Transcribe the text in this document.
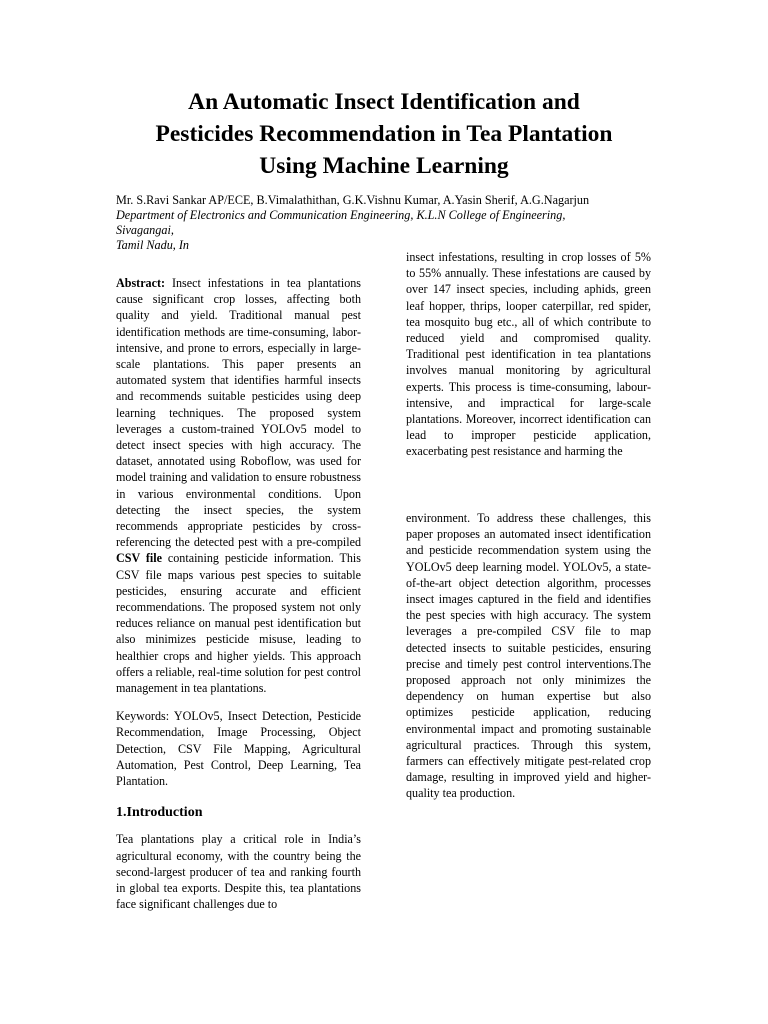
An Automatic Insect Identification and
Pesticides Recommendation in Tea Plantation
Using Machine Learning
Mr. S.Ravi Sankar AP/ECE, B.Vimalathithan, G.K.Vishnu Kumar, A.Yasin Sherif, A.G.Nagarjun
Department of Electronics and Communication Engineering, K.L.N College of Engineering,
Sivagangai,
Tamil Nadu, In

Abstract: Insect infestations in tea plantations cause significant crop losses, affecting both quality and yield. Traditional manual pest identification methods are time-consuming, labor-intensive, and prone to errors, especially in large-scale plantations. This paper presents an automated system that identifies harmful insects and recommends suitable pesticides using deep learning techniques. The proposed system leverages a custom-trained YOLOv5 model to detect insect species with high accuracy. The dataset, annotated using Roboflow, was used for model training and validation to ensure robustness in various environmental conditions. Upon detecting the insect species, the system recommends appropriate pesticides by cross-referencing the detected pest with a pre-compiled CSV file containing pesticide information. This CSV file maps various pest species to suitable pesticides, ensuring accurate and efficient recommendations. The proposed system not only reduces reliance on manual pest identification but also minimizes pesticide misuse, leading to healthier crops and higher yields. This approach offers a reliable, real-time solution for pest control management in tea plantations.

Keywords: YOLOv5, Insect Detection, Pesticide Recommendation, Image Processing, Object Detection, CSV File Mapping, Agricultural Automation, Pest Control, Deep Learning, Tea Plantation.

1.Introduction

Tea plantations play a critical role in India’s agricultural economy, with the country being the second-largest producer of tea and ranking fourth in global tea exports. Despite this, tea plantations face significant challenges due to

insect infestations, resulting in crop losses of 5% to 55% annually. These infestations are caused by over 147 insect species, including aphids, green leaf hopper, thrips, looper caterpillar, red spider, tea mosquito bug etc., all of which contribute to reduced yield and compromised quality. Traditional pest identification in tea plantations involves manual monitoring by agricultural experts. This process is time-consuming, labour-intensive, and impractical for large-scale plantations. Moreover, incorrect identification can lead to improper pesticide application, exacerbating pest resistance and harming the

environment. To address these challenges, this paper proposes an automated insect identification and pesticide recommendation system using the YOLOv5 deep learning model. YOLOv5, a state-of-the-art object detection algorithm, processes insect images captured in the field and identifies the pest species with high accuracy. The system leverages a pre-compiled CSV file to map detected insects to suitable pesticides, ensuring precise and timely pest control interventions.The proposed approach not only minimizes the dependency on human expertise but also optimizes pesticide application, reducing environmental impact and promoting sustainable agricultural practices. Through this system, farmers can effectively mitigate pest-related crop damage, resulting in improved yield and higher-quality tea production.
